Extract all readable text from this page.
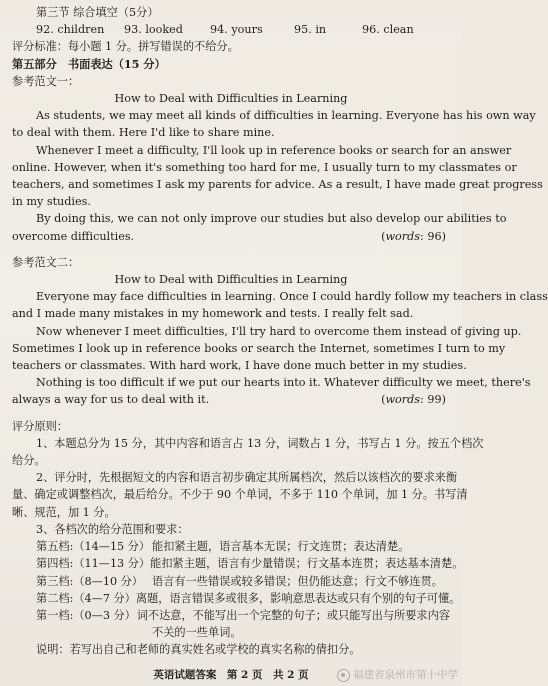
第三节 综合填空（5分）
92. children	93. looked	94. yours	95. in	96. clean
评分标准：每小题 1 分。拼写错误的不给分。
第五部分　书面表达（15 分）
参考范文一：
How to Deal with Difficulties in Learning
As students, we may meet all kinds of difficulties in learning. Everyone has his own way
to deal with them. Here I'd like to share mine.
Whenever I meet a difficulty, I'll look up in reference books or search for an answer
online. However, when it's something too hard for me, I usually turn to my classmates or
teachers, and sometimes I ask my parents for advice. As a result, I have made great progress
in my studies.
By doing this, we can not only improve our studies but also develop our abilities to
overcome difficulties.	(words: 96)
参考范文二：
How to Deal with Difficulties in Learning
Everyone may face difficulties in learning. Once I could hardly follow my teachers in class
and I made many mistakes in my homework and tests. I really felt sad.
Now whenever I meet difficulties, I'll try hard to overcome them instead of giving up.
Sometimes I look up in reference books or search the Internet, sometimes I turn to my
teachers or classmates. With hard work, I have done much better in my studies.
Nothing is too difficult if we put our hearts into it. Whatever difficulty we meet, there's
always a way for us to deal with it.	(words: 99)
评分原则：
1、本题总分为 15 分，其中内容和语言占 13 分，词数占 1 分，书写占 1 分。按五个档次
给分。
2、评分时，先根据短文的内容和语言初步确定其所属档次，然后以该档次的要求来衡
量、确定或调整档次，最后给分。不少于 90 个单词，不多于 110 个单词，加 1 分。书写清
晰、规范，加 1 分。
3、各档次的给分范围和要求：
第五档:（14—15 分） 能扣紧主题，语言基本无误；行文连贯；表达清楚。
第四档:（11—13 分） 能扣紧主题，语言有少量错误；行文基本连贯；表达基本清楚。
第三档:（8—10 分） 语言有一些错误或较多错误；但仍能达意；行文不够连贯。
第二档:（4—7 分） 离题，语言错误多或很多，影响意思表达或只有个别的句子可懂。
第一档:（0—3 分） 词不达意，不能写出一个完整的句子；或只能写出与所要求内容
不关的一些单词。
说明：若写出自己和老师的真实姓名或学校的真实名称的倩扣分。
英语试题答案　第 2 页　共 2 页	福建省泉州市第十中学
